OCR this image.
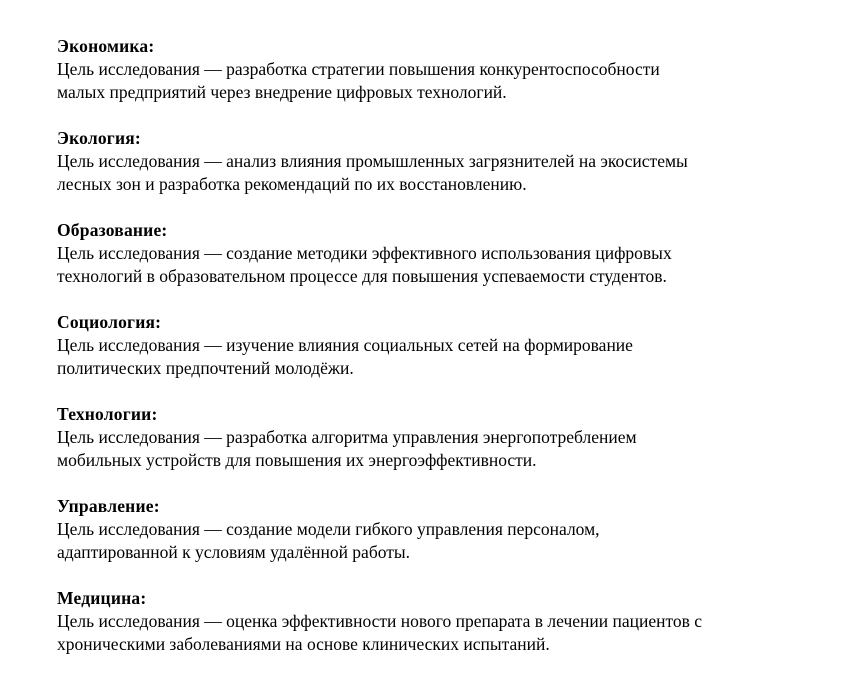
Экономика:

Цель исследования — разработка стратегии повышения конкурентоспособности
малых предприятий через внедрение цифровых технологий.

Экология:

Цель исследования — анализ влияния промышленных загрязнителей на экосистемы
лесных зон и разработка рекомендаций по их восстановлению.

Образование:

Цель исследования — создание методики эффективного использования цифровых
технологий в образовательном процессе для повышения успеваемости студентов.

Социология:

Цель исследования — изучение влияния социальных сетей на формирование
политических предпочтений молодёжи.

Технологии:

Цель исследования — разработка алгоритма управления энергопотреблением
мобильных устройств для повышения их энергоэффективности.

Управление:

Цель исследования — создание модели гибкого управления персоналом,
адаптированной к условиям удалённой работы.

Медицина:

Цель исследования — оценка эффективности нового препарата в лечении пациентов с
хроническими заболеваниями на основе клинических испытаний.
